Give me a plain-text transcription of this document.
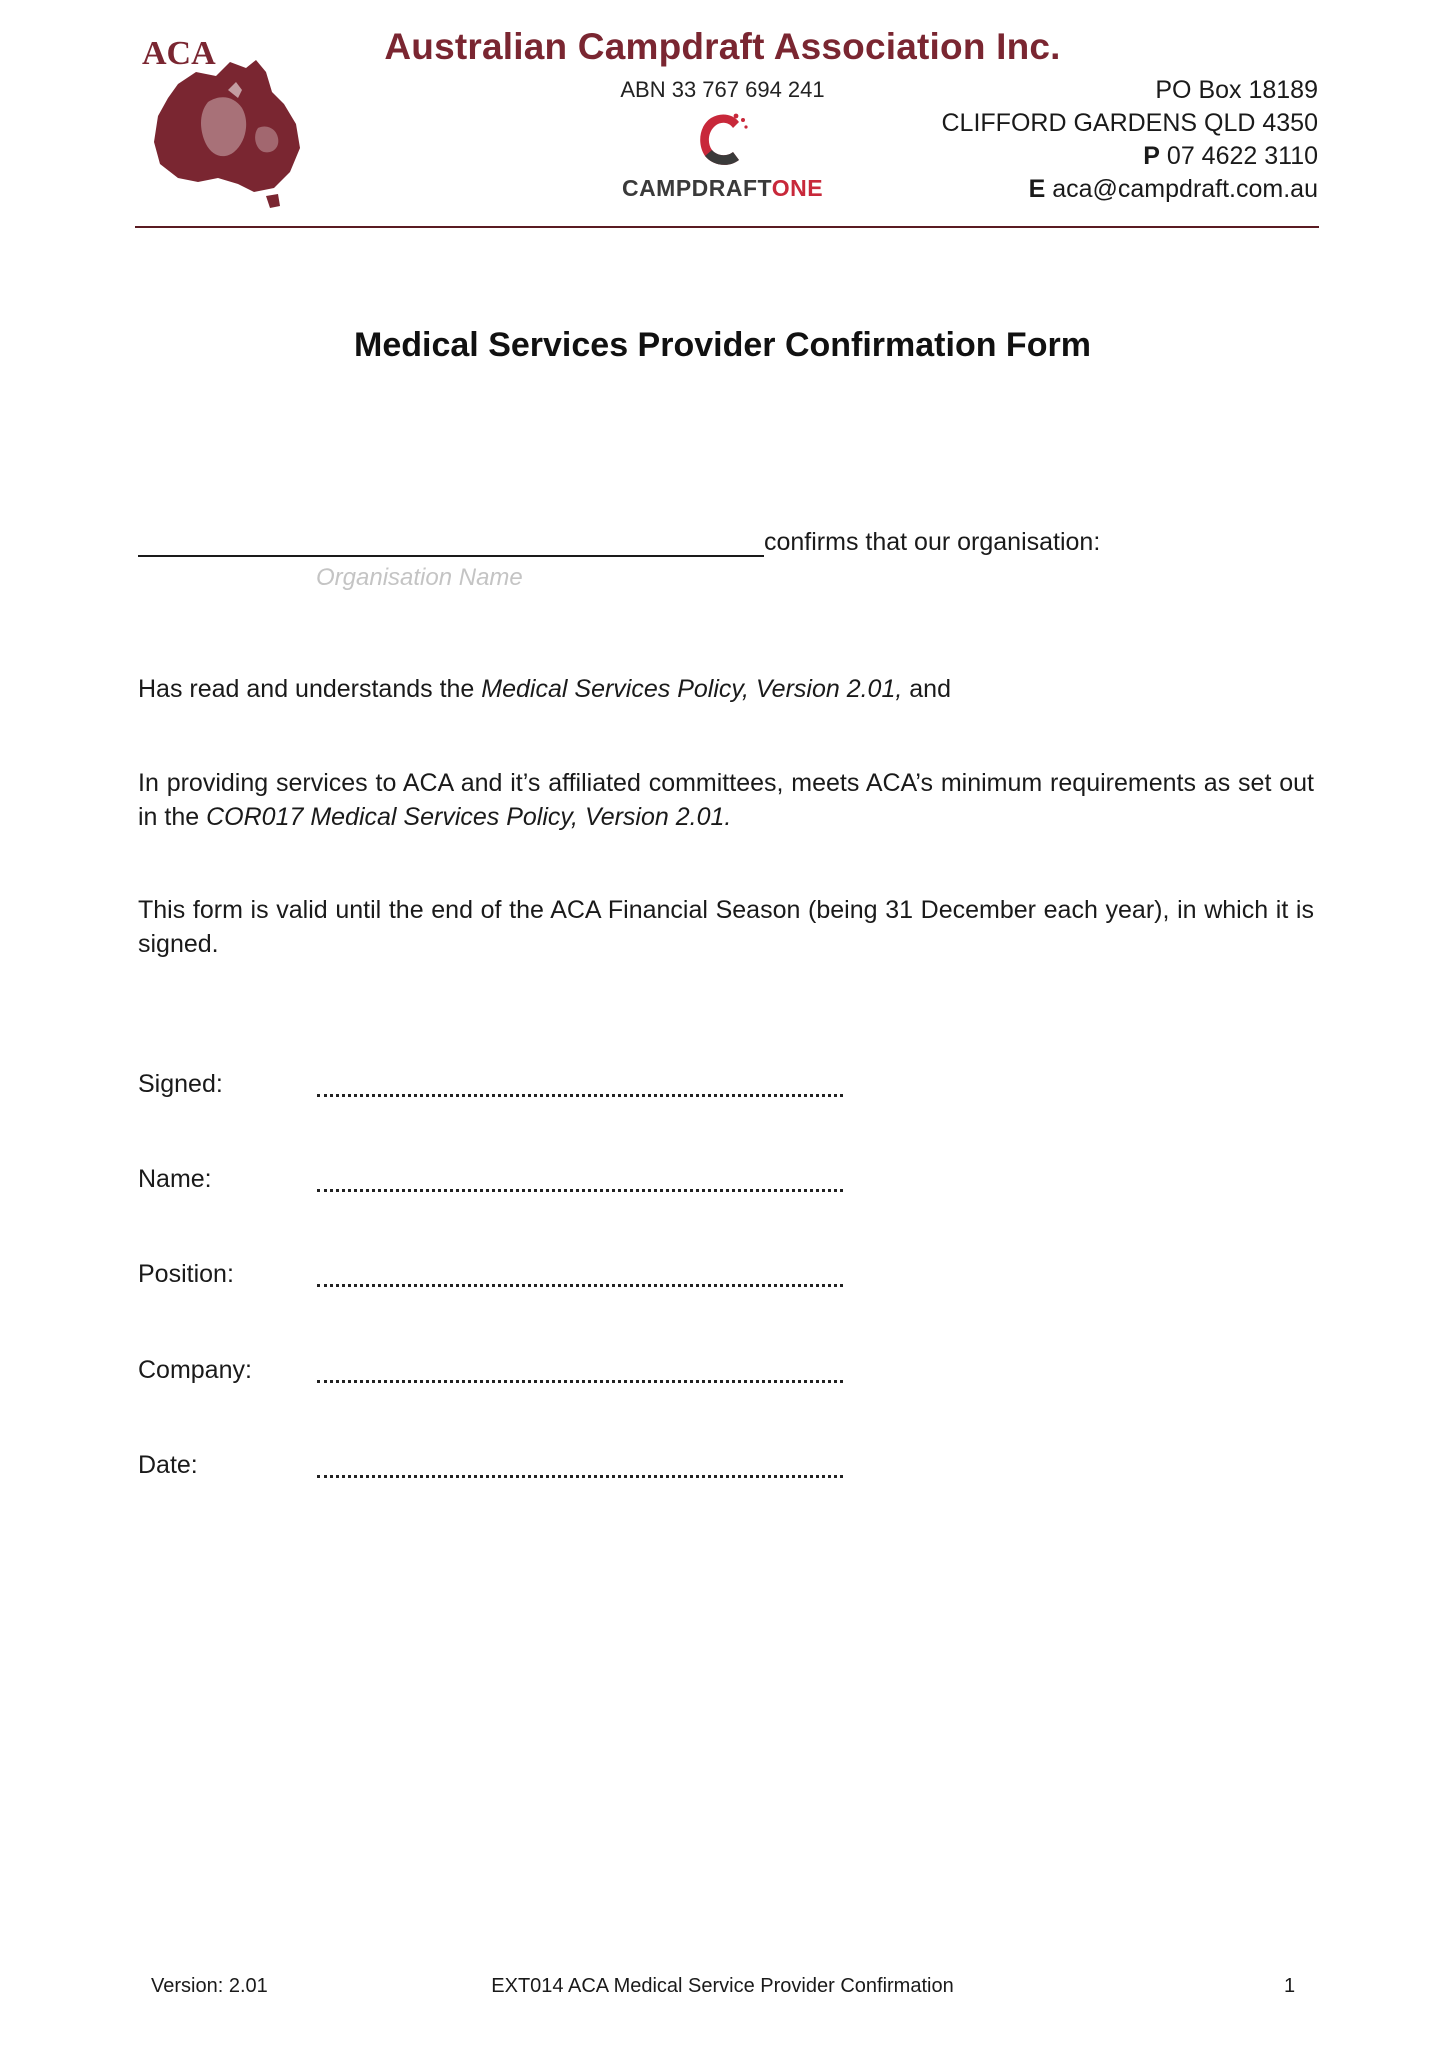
ACA	Australian Campdraft Association Inc.
ABN 33 767 694 241
CAMPDRAFTONE
PO Box 18189
CLIFFORD GARDENS QLD 4350
P 07 4622 3110
E aca@campdraft.com.au
Medical Services Provider Confirmation Form
confirms that our organisation:
Organisation Name
Has read and understands the Medical Services Policy, Version 2.01, and
In providing services to ACA and it’s affiliated committees, meets ACA’s minimum requirements as set out in the COR017 Medical Services Policy, Version 2.01.
This form is valid until the end of the ACA Financial Season (being 31 December each year), in which it is signed.
Signed:
Name:
Position:
Company:
Date:
Version: 2.01	EXT014 ACA Medical Service Provider Confirmation	1
